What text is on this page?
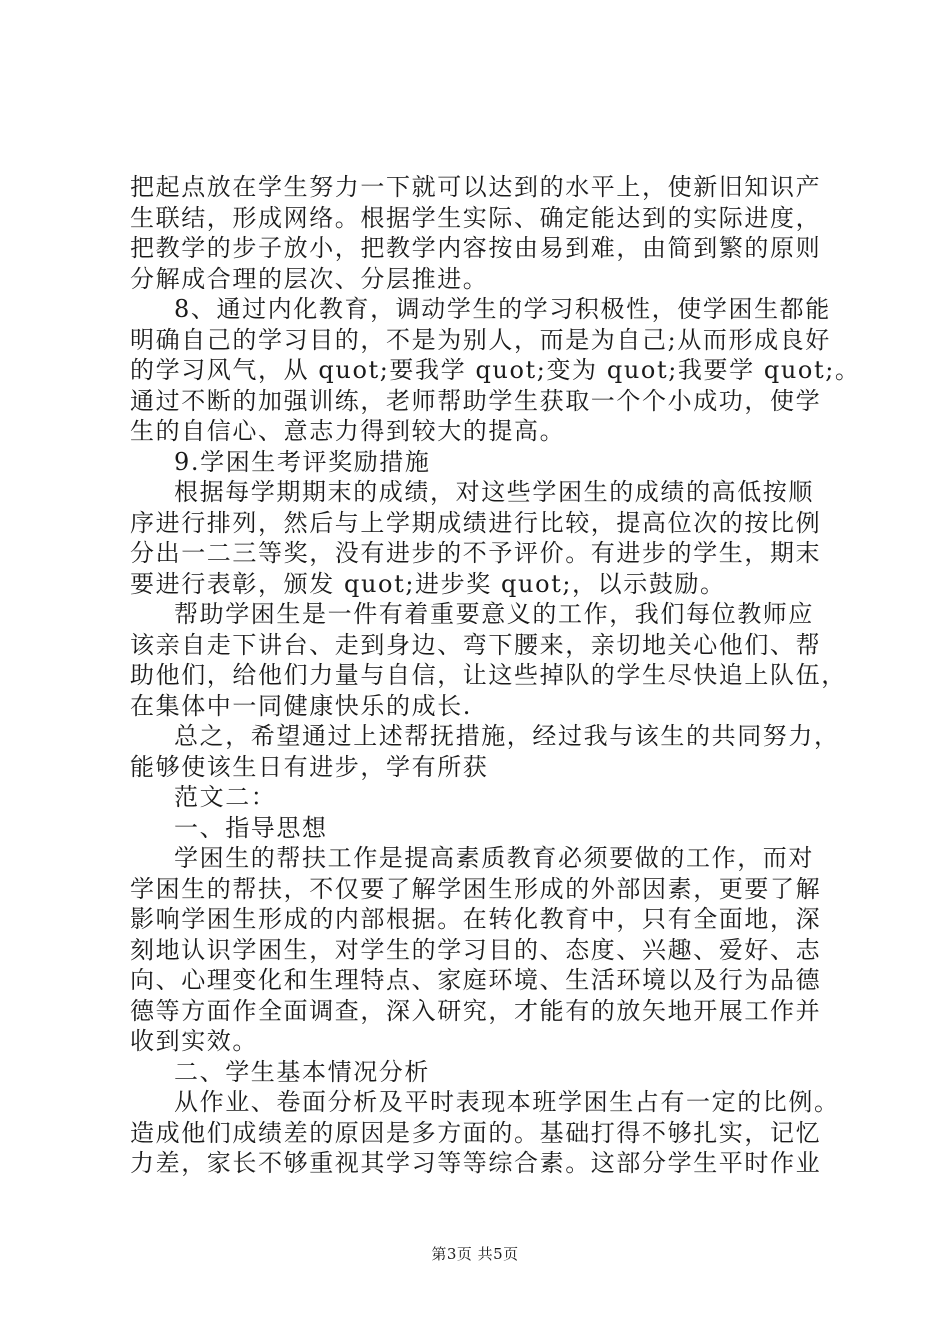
把起点放在学生努力一下就可以达到的水平上，使新旧知识产
生联结，形成网络。根据学生实际、确定能达到的实际进度，
把教学的步子放小，把教学内容按由易到难，由简到繁的原则
分解成合理的层次、分层推进。
8、通过内化教育，调动学生的学习积极性，使学困生都能
明确自己的学习目的，不是为别人，而是为自己;从而形成良好
的学习风气，从 quot;要我学 quot;变为 quot;我要学 quot;。
通过不断的加强训练，老师帮助学生获取一个个小成功，使学
生的自信心、意志力得到较大的提高。
9.学困生考评奖励措施
根据每学期期末的成绩，对这些学困生的成绩的高低按顺
序进行排列，然后与上学期成绩进行比较，提高位次的按比例
分出一二三等奖，没有进步的不予评价。有进步的学生，期末
要进行表彰，颁发 quot;进步奖 quot;，以示鼓励。
帮助学困生是一件有着重要意义的工作，我们每位教师应
该亲自走下讲台、走到身边、弯下腰来，亲切地关心他们、帮
助他们，给他们力量与自信，让这些掉队的学生尽快追上队伍，
在集体中一同健康快乐的成长.
总之，希望通过上述帮抚措施，经过我与该生的共同努力，
能够使该生日有进步，学有所获
范文二：
一、指导思想
学困生的帮扶工作是提高素质教育必须要做的工作，而对
学困生的帮扶，不仅要了解学困生形成的外部因素，更要了解
影响学困生形成的内部根据。在转化教育中，只有全面地，深
刻地认识学困生，对学生的学习目的、态度、兴趣、爱好、志
向、心理变化和生理特点、家庭环境、生活环境以及行为品德
德等方面作全面调查，深入研究，才能有的放矢地开展工作并
收到实效。
二、学生基本情况分析
从作业、卷面分析及平时表现本班学困生占有一定的比例。
造成他们成绩差的原因是多方面的。基础打得不够扎实，记忆
力差，家长不够重视其学习等等综合素。这部分学生平时作业
第3页 共5页
